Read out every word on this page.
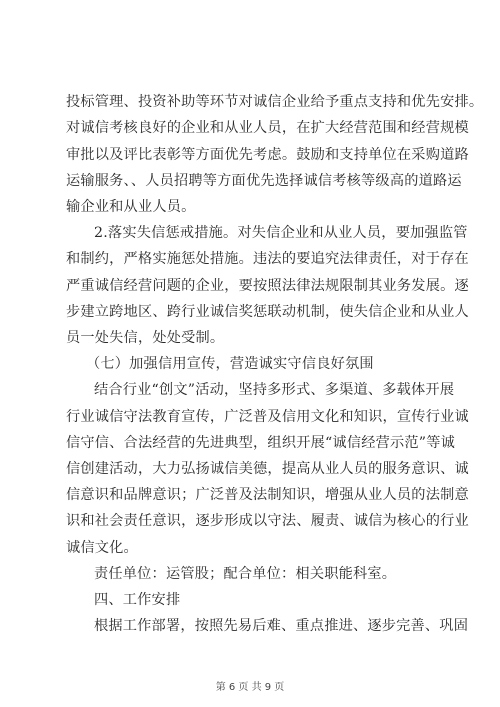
投标管理、投资补助等环节对诚信企业给予重点支持和优先安排。
对诚信考核良好的企业和从业人员，在扩大经营范围和经营规模
审批以及评比表彰等方面优先考虑。鼓励和支持单位在采购道路
运输服务、、人员招聘等方面优先选择诚信考核等级高的道路运
输企业和从业人员。
2.落实失信惩戒措施。对失信企业和从业人员，要加强监管
和制约，严格实施惩处措施。违法的要追究法律责任，对于存在
严重诚信经营问题的企业，要按照法律法规限制其业务发展。逐
步建立跨地区、跨行业诚信奖惩联动机制，使失信企业和从业人
员一处失信，处处受制。
（七）加强信用宣传，营造诚实守信良好氛围
结合行业“创文”活动，坚持多形式、多渠道、多载体开展
行业诚信守法教育宣传，广泛普及信用文化和知识，宣传行业诚
信守信、合法经营的先进典型，组织开展“诚信经营示范”等诚
信创建活动，大力弘扬诚信美德，提高从业人员的服务意识、诚
信意识和品牌意识；广泛普及法制知识，增强从业人员的法制意
识和社会责任意识，逐步形成以守法、履责、诚信为核心的行业
诚信文化。
责任单位：运管股；配合单位：相关职能科室。
四、工作安排
根据工作部署，按照先易后难、重点推进、逐步完善、巩固
第 6 页 共 9 页
